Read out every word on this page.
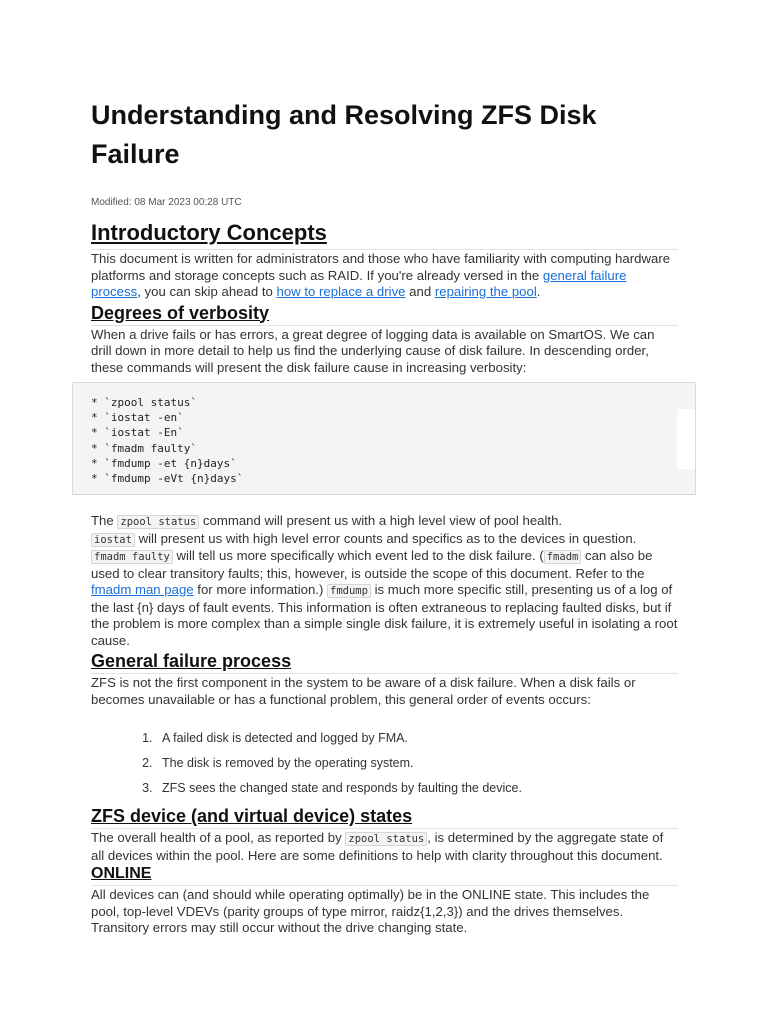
Understanding and Resolving ZFS Disk Failure
Modified: 08 Mar 2023 00:28 UTC
Introductory Concepts

This document is written for administrators and those who have familiarity with computing hardware platforms and storage concepts such as RAID. If you're already versed in the general failure process, you can skip ahead to how to replace a drive and repairing the pool.

Degrees of verbosity

When a drive fails or has errors, a great degree of logging data is available on SmartOS. We can drill down in more detail to help us find the underlying cause of disk failure. In descending order, these commands will present the disk failure cause in increasing verbosity:

The zpool status command will present us with a high level view of pool health.
iostat will present us with high level error counts and specifics as to the devices in question.
fmadm faulty will tell us more specifically which event led to the disk failure. ( fmadm can also be used to clear transitory faults; this, however, is outside the scope of this document. Refer to the fmadm man page for more information.) fmdump is much more specific still, presenting us of a log of the last {n} days of fault events. This information is often extraneous to replacing faulted disks, but if the problem is more complex than a simple single disk failure, it is extremely useful in isolating a root cause.

General failure process

ZFS is not the first component in the system to be aware of a disk failure. When a disk fails or becomes unavailable or has a functional problem, this general order of events occurs:

1. A failed disk is detected and logged by FMA.
2. The disk is removed by the operating system.
3. ZFS sees the changed state and responds by faulting the device.
ZFS device (and virtual device) states

The overall health of a pool, as reported by zpool status , is determined by the aggregate state of all devices within the pool. Here are some definitions to help with clarity throughout this document.

ONLINE

All devices can (and should while operating optimally) be in the ONLINE state. This includes the pool, top-level VDEVs (parity groups of type mirror, raidz{1,2,3}) and the drives themselves. Transitory errors may still occur without the drive changing state.

* `zpool status`
* `iostat -en`
* `iostat -En`
* `fmadm faulty`
* `fmdump -et {n}days`
* `fmdump -eVt {n}days`
